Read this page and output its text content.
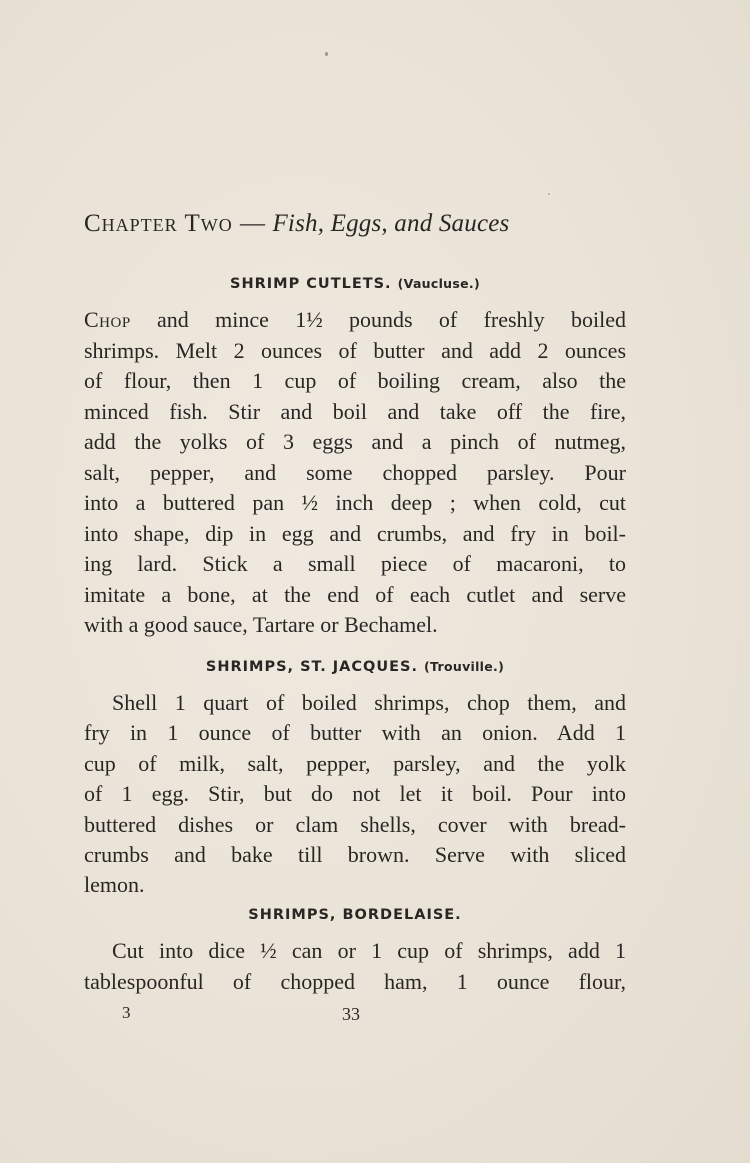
Chapter Two — Fish, Eggs, and Sauces
SHRIMP CUTLETS. (Vaucluse.)
Chop and mince 1½ pounds of freshly boiled
shrimps. Melt 2 ounces of butter and add 2 ounces
of flour, then 1 cup of boiling cream, also the
minced fish. Stir and boil and take off the fire,
add the yolks of 3 eggs and a pinch of nutmeg,
salt, pepper, and some chopped parsley. Pour
into a buttered pan ½ inch deep ; when cold, cut
into shape, dip in egg and crumbs, and fry in boil-
ing lard. Stick a small piece of macaroni, to
imitate a bone, at the end of each cutlet and serve
with a good sauce, Tartare or Bechamel.
SHRIMPS, ST. JACQUES. (Trouville.)
Shell 1 quart of boiled shrimps, chop them, and
fry in 1 ounce of butter with an onion. Add 1
cup of milk, salt, pepper, parsley, and the yolk
of 1 egg. Stir, but do not let it boil. Pour into
buttered dishes or clam shells, cover with bread-
crumbs and bake till brown. Serve with sliced
lemon.
SHRIMPS, BORDELAISE.
Cut into dice ½ can or 1 cup of shrimps, add 1
tablespoonful of chopped ham, 1 ounce flour,
3	33
